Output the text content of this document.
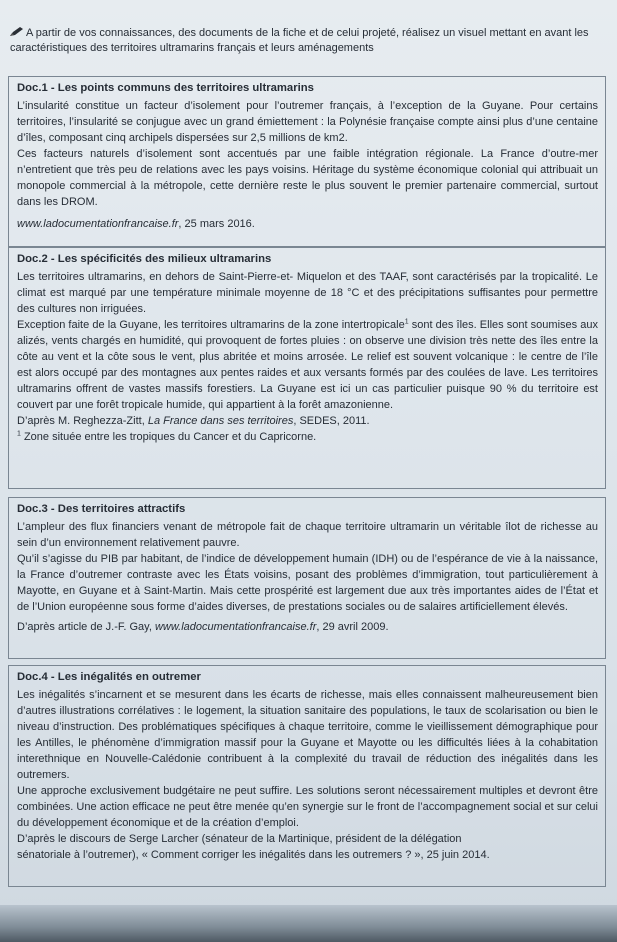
A partir de vos connaissances, des documents de la fiche et de celui projeté, réalisez un visuel mettant en avant les caractéristiques des territoires ultramarins français et leurs aménagements
Doc.1 - Les points communs des territoires ultramarins

L’insularité constitue un facteur d’isolement pour l’outremer français, à l’exception de la Guyane. Pour certains territoires, l’insularité se conjugue avec un grand émiettement : la Polynésie française compte ainsi plus d’une centaine d’îles, composant cinq archipels dispersées sur 2,5 millions de km2.

Ces facteurs naturels d’isolement sont accentués par une faible intégration régionale. La France d’outre-mer n’entretient que très peu de relations avec les pays voisins. Héritage du système économique colonial qui attribuait un monopole commercial à la métropole, cette dernière reste le plus souvent le premier partenaire commercial, surtout dans les DROM.

www.ladocumentationfrancaise.fr, 25 mars 2016.

Doc.2 - Les spécificités des milieux ultramarins

Les territoires ultramarins, en dehors de Saint-Pierre-et- Miquelon et des TAAF, sont caractérisés par la tropicalité. Le climat est marqué par une température minimale moyenne de 18 °C et des précipitations suffisantes pour permettre des cultures non irriguées.

Exception faite de la Guyane, les territoires ultramarins de la zone intertropicale$^1$ sont des îles. Elles sont soumises aux alizés, vents chargés en humidité, qui provoquent de fortes pluies : on observe une division très nette des îles entre la côte au vent et la côte sous le vent, plus abritée et moins arrosée. Le relief est souvent volcanique : le centre de l’île est alors occupé par des montagnes aux pentes raides et aux versants formés par des coulées de lave. Les territoires ultramarins offrent de vastes massifs forestiers. La Guyane est ici un cas particulier puisque 90 % du territoire est couvert par une forêt tropicale humide, qui appartient à la forêt amazonienne.

D’après M. Reghezza-Zitt, La France dans ses territoires, SEDES, 2011.

$^1$ Zone située entre les tropiques du Cancer et du Capricorne.

Doc.3 - Des territoires attractifs

L’ampleur des flux financiers venant de métropole fait de chaque territoire ultramarin un véritable îlot de richesse au sein d’un environnement relativement pauvre.

Qu’il s’agisse du PIB par habitant, de l’indice de développement humain (IDH) ou de l’espérance de vie à la naissance, la France d’outremer contraste avec les États voisins, posant des problèmes d’immigration, tout particulièrement à Mayotte, en Guyane et à Saint-Martin. Mais cette prospérité est largement due aux très importantes aides de l’État et de l’Union européenne sous forme d’aides diverses, de prestations sociales ou de salaires artificiellement élevés.

D’après article de J.-F. Gay, www.ladocumentationfrancaise.fr, 29 avril 2009.

Doc.4 - Les inégalités en outremer

Les inégalités s’incarnent et se mesurent dans les écarts de richesse, mais elles connaissent malheureusement bien d’autres illustrations corrélatives : le logement, la situation sanitaire des populations, le taux de scolarisation ou bien le niveau d’instruction. Des problématiques spécifiques à chaque territoire, comme le vieillissement démographique pour les Antilles, le phénomène d’immigration massif pour la Guyane et Mayotte ou les difficultés liées à la cohabitation interethnique en Nouvelle-Calédonie contribuent à la complexité du travail de réduction des inégalités dans les outremers.

Une approche exclusivement budgétaire ne peut suffire. Les solutions seront nécessairement multiples et devront être combinées. Une action efficace ne peut être menée qu’en synergie sur le front de l’accompagnement social et sur celui du développement économique et de la création d’emploi.

D’après le discours de Serge Larcher (sénateur de la Martinique, président de la délégation

sénatoriale à l’outremer), « Comment corriger les inégalités dans les outremers ? », 25 juin 2014.
